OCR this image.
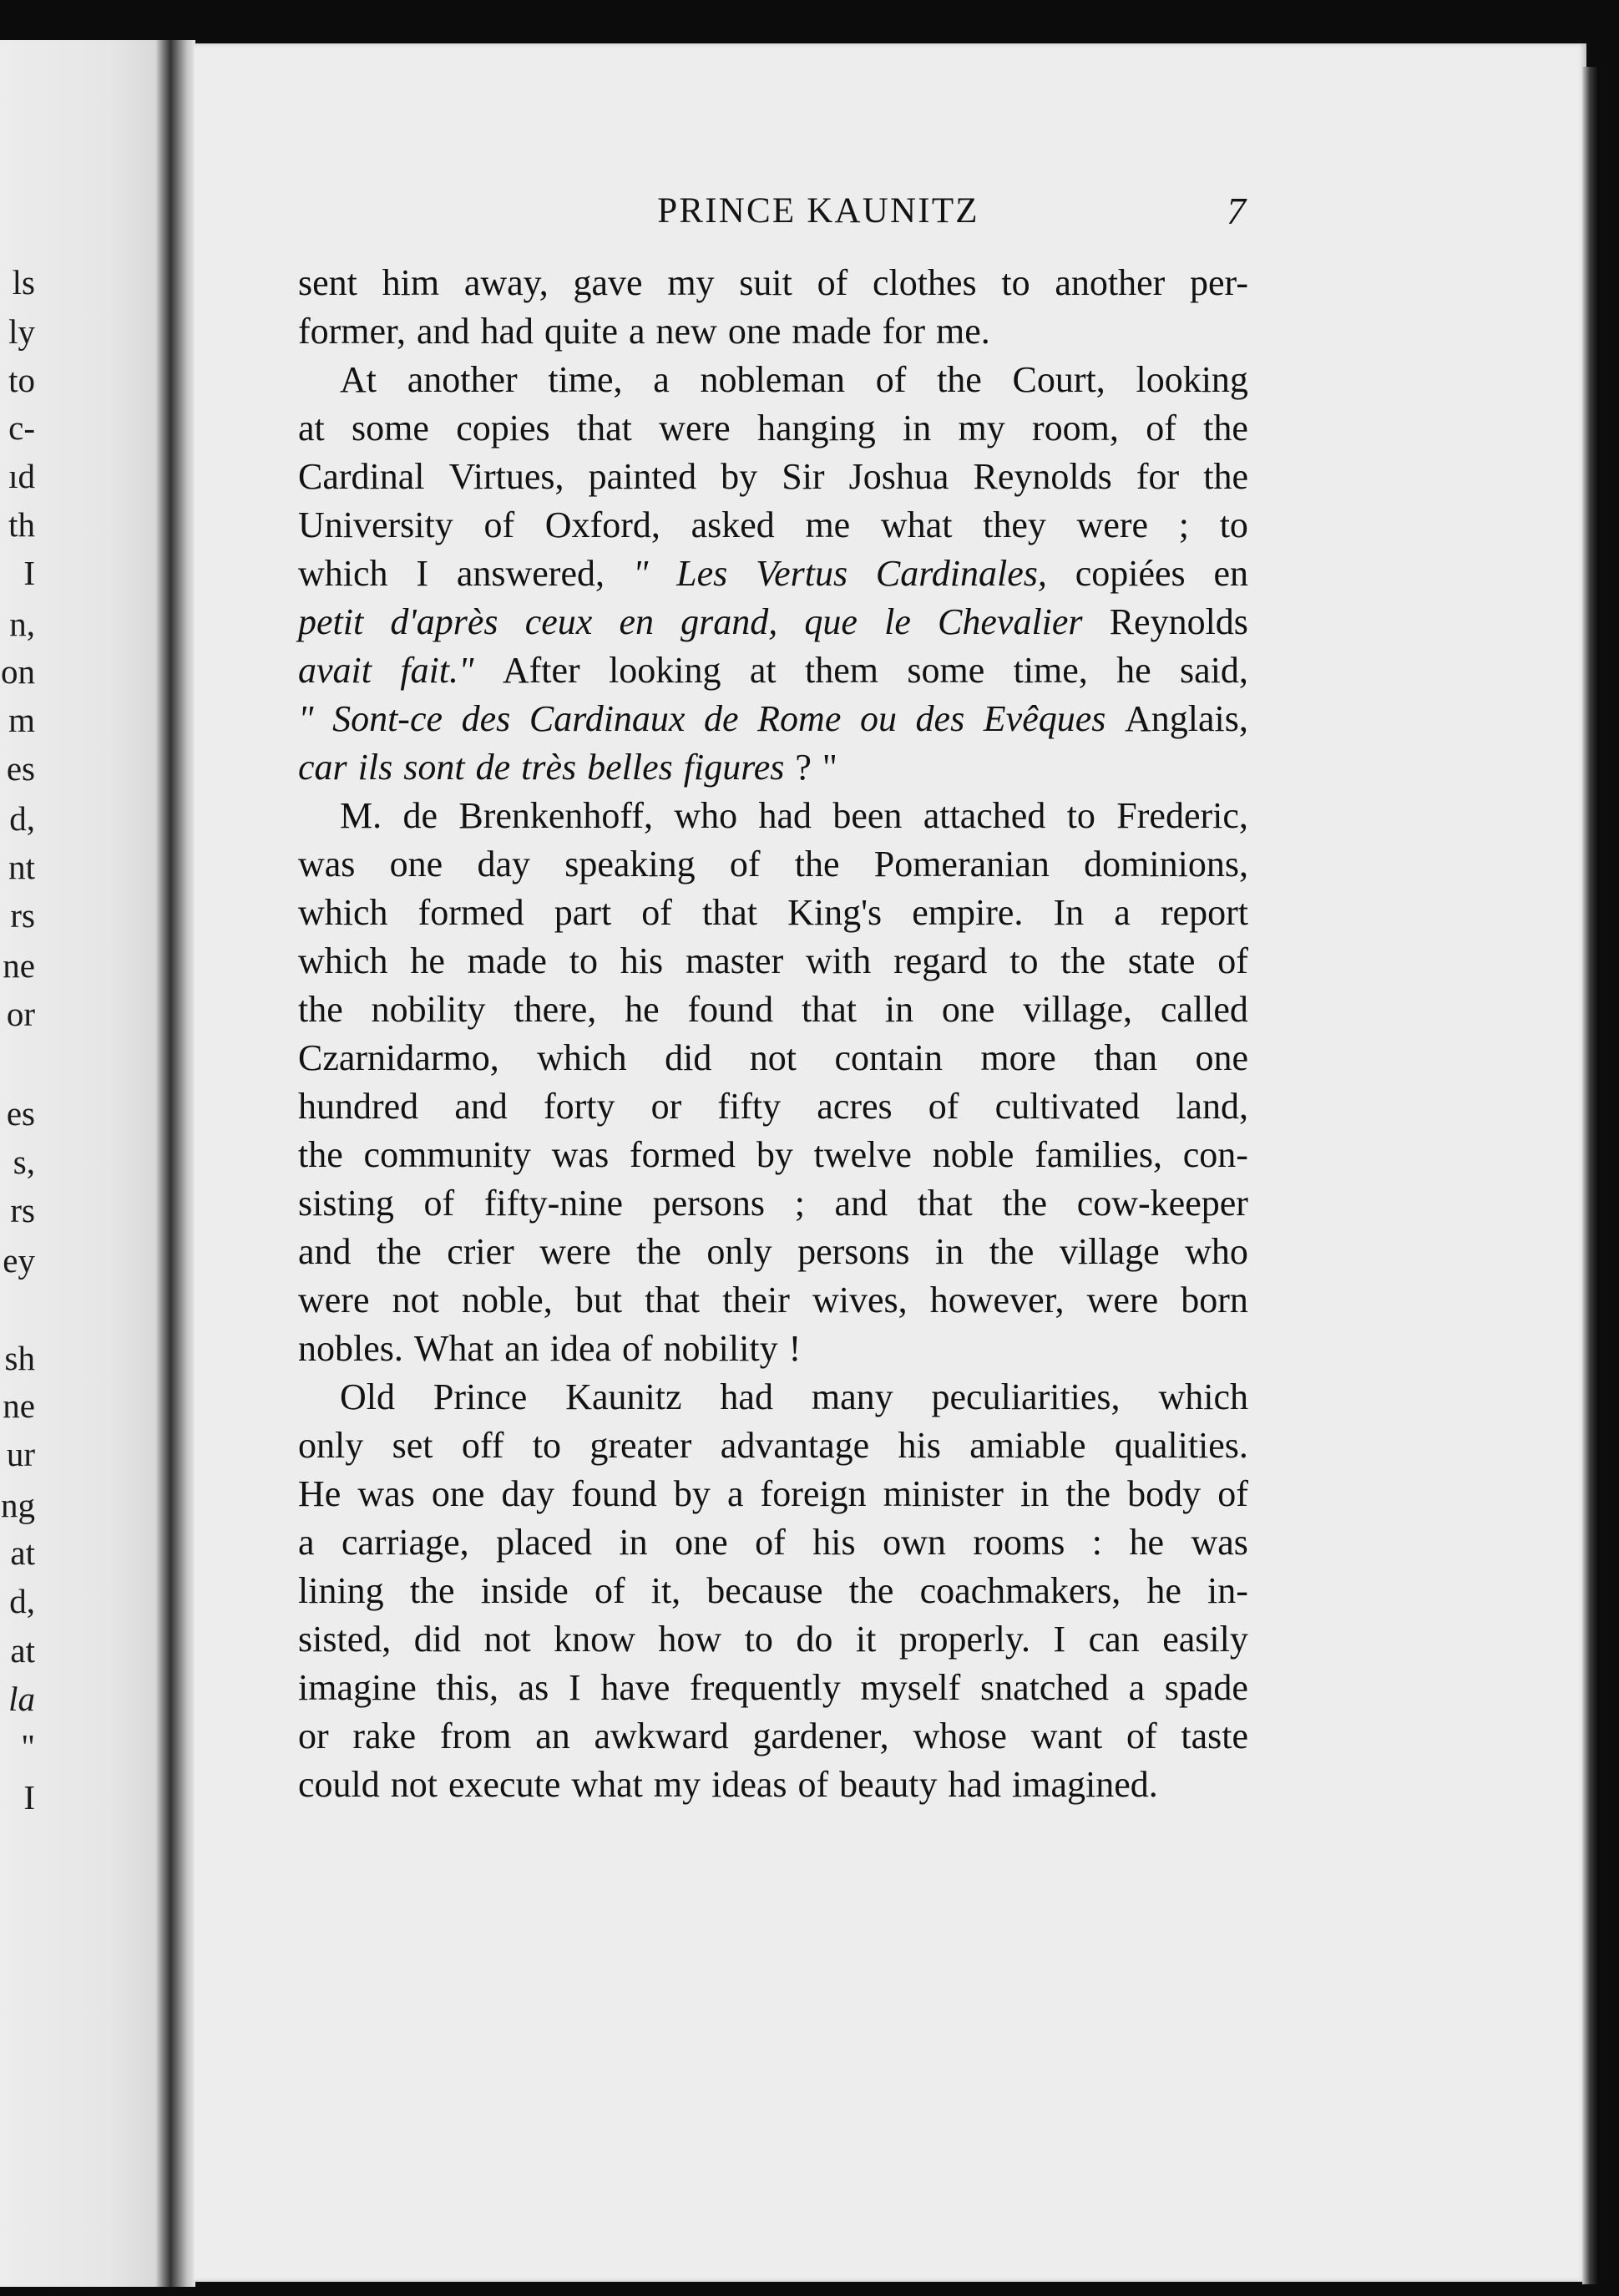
ls
ly
to
c-
ıd
th
I
n,
on
m
es
d,
nt
rs
ne
or
es
s,
rs
ey
sh
ne
ur
ng
at
d,
at
la
"
I
PRINCE KAUNITZ	7
sent him away, gave my suit of clothes to another per-
former, and had quite a new one made for me.
At another time, a nobleman of the Court, looking
at some copies that were hanging in my room, of the
Cardinal Virtues, painted by Sir Joshua Reynolds for the
University of Oxford, asked me what they were ; to
which I answered, " Les Vertus Cardinales, copiées en
petit d'après ceux en grand, que le Chevalier Reynolds
avait fait." After looking at them some time, he said,
" Sont-ce des Cardinaux de Rome ou des Evêques Anglais,
car ils sont de très belles figures ? "
M. de Brenkenhoff, who had been attached to Frederic,
was one day speaking of the Pomeranian dominions,
which formed part of that King's empire. In a report
which he made to his master with regard to the state of
the nobility there, he found that in one village, called
Czarnidarmo, which did not contain more than one
hundred and forty or fifty acres of cultivated land,
the community was formed by twelve noble families, con-
sisting of fifty-nine persons ; and that the cow-keeper
and the crier were the only persons in the village who
were not noble, but that their wives, however, were born
nobles. What an idea of nobility !
Old Prince Kaunitz had many peculiarities, which
only set off to greater advantage his amiable qualities.
He was one day found by a foreign minister in the body of
a carriage, placed in one of his own rooms : he was
lining the inside of it, because the coachmakers, he in-
sisted, did not know how to do it properly. I can easily
imagine this, as I have frequently myself snatched a spade
or rake from an awkward gardener, whose want of taste
could not execute what my ideas of beauty had imagined.
